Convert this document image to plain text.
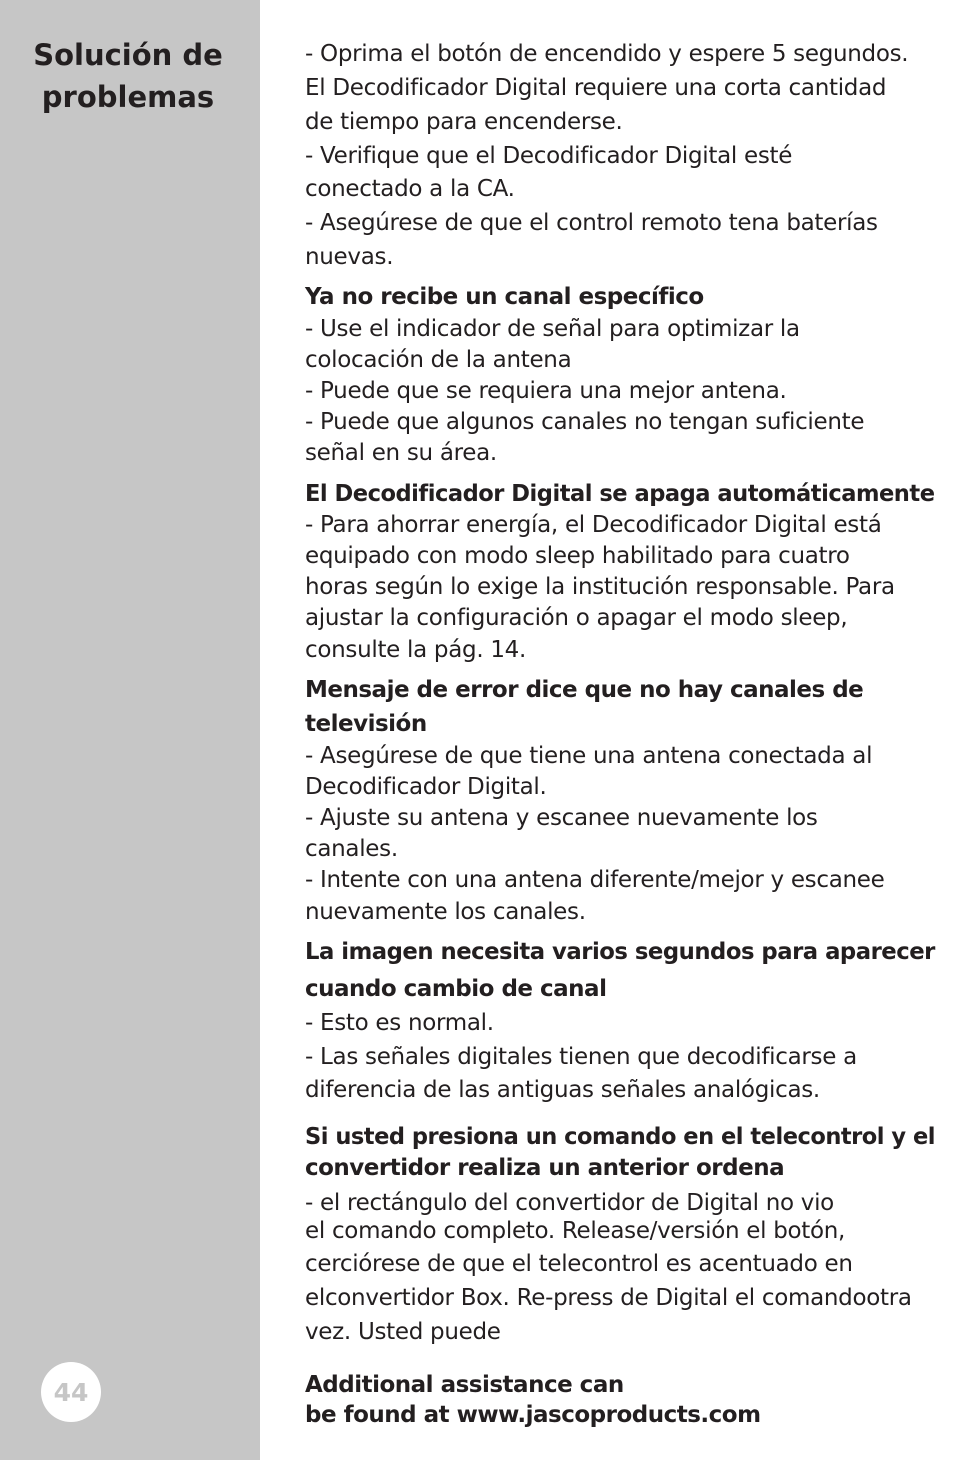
Solución de
problemas
44
- Oprima el botón de encendido y espere 5 segundos.
El Decodificador Digital requiere una corta cantidad
de tiempo para encenderse.
- Verifique que el Decodificador Digital esté
conectado a la CA.
- Asegúrese de que el control remoto tena baterías
nuevas.
Ya no recibe un canal específico
- Use el indicador de señal para optimizar la
colocación de la antena
- Puede que se requiera una mejor antena.
- Puede que algunos canales no tengan suficiente
señal en su área.
El Decodificador Digital se apaga automáticamente
- Para ahorrar energía, el Decodificador Digital está
equipado con modo sleep habilitado para cuatro
horas según lo exige la institución responsable. Para
ajustar la configuración o apagar el modo sleep,
consulte la pág. 14.
Mensaje de error dice que no hay canales de
televisión
- Asegúrese de que tiene una antena conectada al
Decodificador Digital.
- Ajuste su antena y escanee nuevamente los
canales.
- Intente con una antena diferente/mejor y escanee
nuevamente los canales.
La imagen necesita varios segundos para aparecer
cuando cambio de canal
- Esto es normal.
- Las señales digitales tienen que decodificarse a
diferencia de las antiguas señales analógicas.
Si usted presiona un comando en el telecontrol y el
convertidor realiza un anterior ordena
- el rectángulo del convertidor de Digital no vio
el comando completo. Release/versión el botón,
cerciórese de que el telecontrol es acentuado en
elconvertidor Box. Re-press de Digital el comandootra
vez. Usted puede
Additional assistance can
be found at www.jascoproducts.com
